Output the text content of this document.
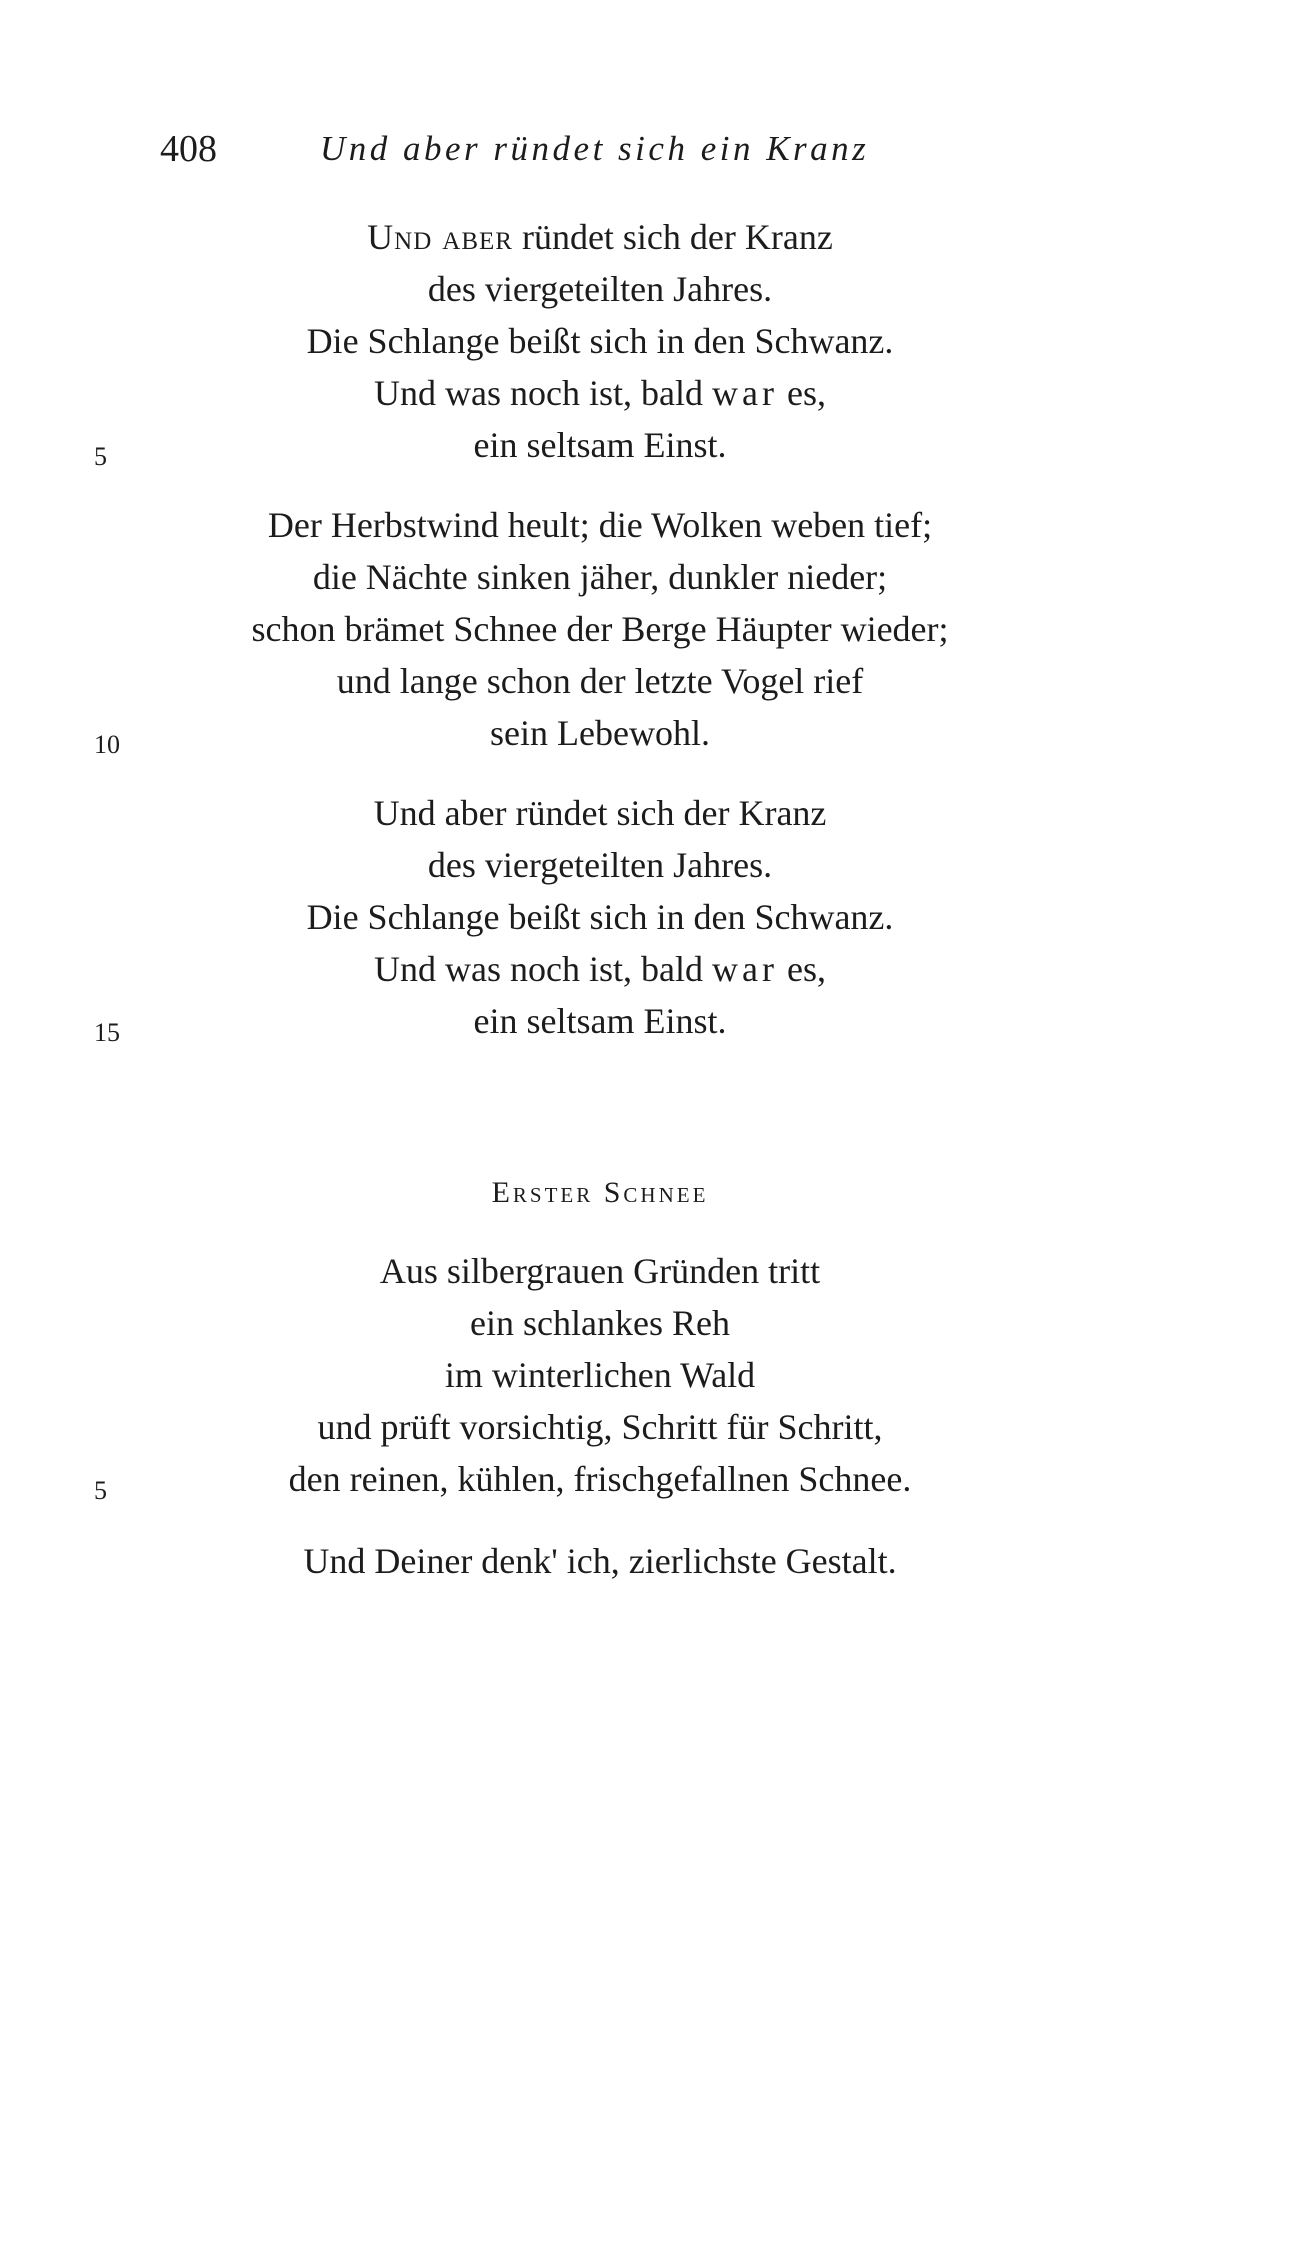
408	Und aber ründet sich ein Kranz
Und aber ründet sich der Kranz
des viergeteilten Jahres.
Die Schlange beißt sich in den Schwanz.
Und was noch ist, bald war es,
ein seltsam Einst.
5
Der Herbstwind heult; die Wolken weben tief;
die Nächte sinken jäher, dunkler nieder;
schon brämet Schnee der Berge Häupter wieder;
und lange schon der letzte Vogel rief
sein Lebewohl.
10
Und aber ründet sich der Kranz
des viergeteilten Jahres.
Die Schlange beißt sich in den Schwanz.
Und was noch ist, bald war es,
ein seltsam Einst.
15
Erster Schnee
Aus silbergrauen Gründen tritt
ein schlankes Reh
im winterlichen Wald
und prüft vorsichtig, Schritt für Schritt,
den reinen, kühlen, frischgefallnen Schnee.
5
Und Deiner denk' ich, zierlichste Gestalt.
